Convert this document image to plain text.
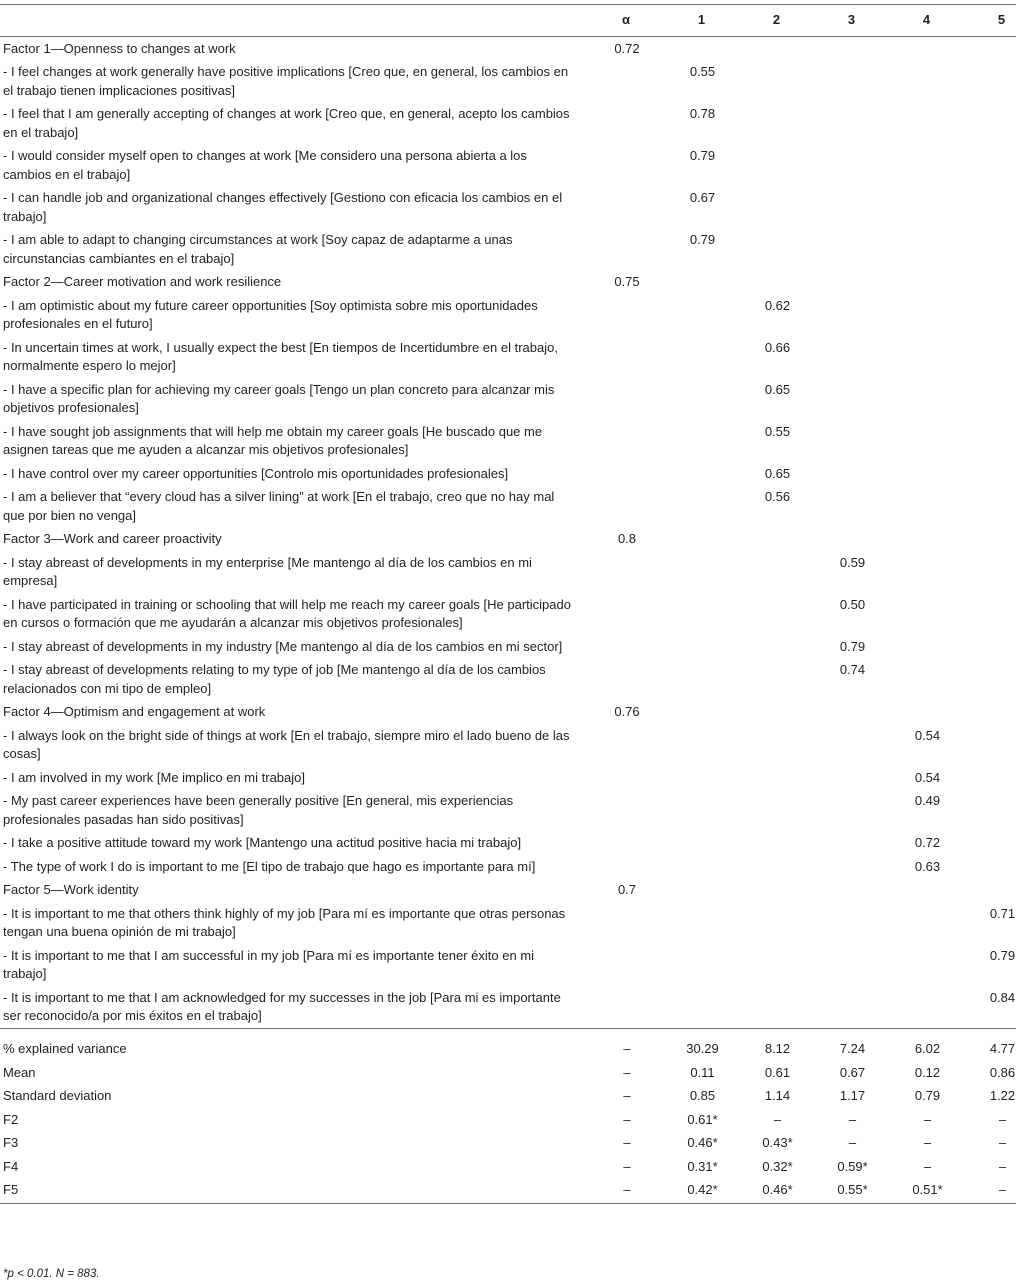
	α	1	2	3	4	5
Factor 1—Openness to changes at work	0.72					
- I feel changes at work generally have positive implications [Creo que, en general, los cambios en el trabajo tienen implicaciones positivas]		0.55				
- I feel that I am generally accepting of changes at work [Creo que, en general, acepto los cambios en el trabajo]		0.78				
- I would consider myself open to changes at work [Me considero una persona abierta a los cambios en el trabajo]		0.79				
- I can handle job and organizational changes effectively [Gestiono con eficacia los cambios en el trabajo]		0.67				
- I am able to adapt to changing circumstances at work [Soy capaz de adaptarme a unas circunstancias cambiantes en el trabajo]		0.79				
Factor 2—Career motivation and work resilience	0.75					
- I am optimistic about my future career opportunities [Soy optimista sobre mis oportunidades profesionales en el futuro]			0.62			
- In uncertain times at work, I usually expect the best [En tiempos de Incertidumbre en el trabajo, normalmente espero lo mejor]			0.66			
- I have a specific plan for achieving my career goals [Tengo un plan concreto para alcanzar mis objetivos profesionales]			0.65			
- I have sought job assignments that will help me obtain my career goals [He buscado que me asignen tareas que me ayuden a alcanzar mis objetivos profesionales]			0.55			
- I have control over my career opportunities [Controlo mis oportunidades profesionales]			0.65			
- I am a believer that “every cloud has a silver lining” at work [En el trabajo, creo que no hay mal que por bien no venga]			0.56			
Factor 3—Work and career proactivity	0.8					
- I stay abreast of developments in my enterprise [Me mantengo al día de los cambios en mi empresa]				0.59		
- I have participated in training or schooling that will help me reach my career goals [He participado en cursos o formación que me ayudarán a alcanzar mis objetivos profesionales]				0.50		
- I stay abreast of developments in my industry [Me mantengo al día de los cambios en mi sector]				0.79		
- I stay abreast of developments relating to my type of job [Me mantengo al día de los cambios relacionados con mi tipo de empleo]				0.74		
Factor 4—Optimism and engagement at work	0.76					
- I always look on the bright side of things at work [En el trabajo, siempre miro el lado bueno de las cosas]					0.54	
- I am involved in my work [Me implico en mi trabajo]					0.54	
- My past career experiences have been generally positive [En general, mis experiencias profesionales pasadas han sido positivas]					0.49	
- I take a positive attitude toward my work [Mantengo una actitud positive hacia mi trabajo]					0.72	
- The type of work I do is important to me [El tipo de trabajo que hago es importante para mí]					0.63	
Factor 5—Work identity	0.7					
- It is important to me that others think highly of my job [Para mí es importante que otras personas tengan una buena opinión de mi trabajo]						0.71
- It is important to me that I am successful in my job [Para mí es importante tener éxito en mi trabajo]						0.79
- It is important to me that I am acknowledged for my successes in the job [Para mi es importante ser reconocido/a por mis éxitos en el trabajo]						0.84
% explained variance	–	30.29	8.12	7.24	6.02	4.77
Mean	–	0.11	0.61	0.67	0.12	0.86
Standard deviation	–	0.85	1.14	1.17	0.79	1.22
F2	–	0.61*	–	–	–	–
F3	–	0.46*	0.43*	–	–	–
F4	–	0.31*	0.32*	0.59*	–	–
F5	–	0.42*	0.46*	0.55*	0.51*	–
*p < 0.01. N = 883.
